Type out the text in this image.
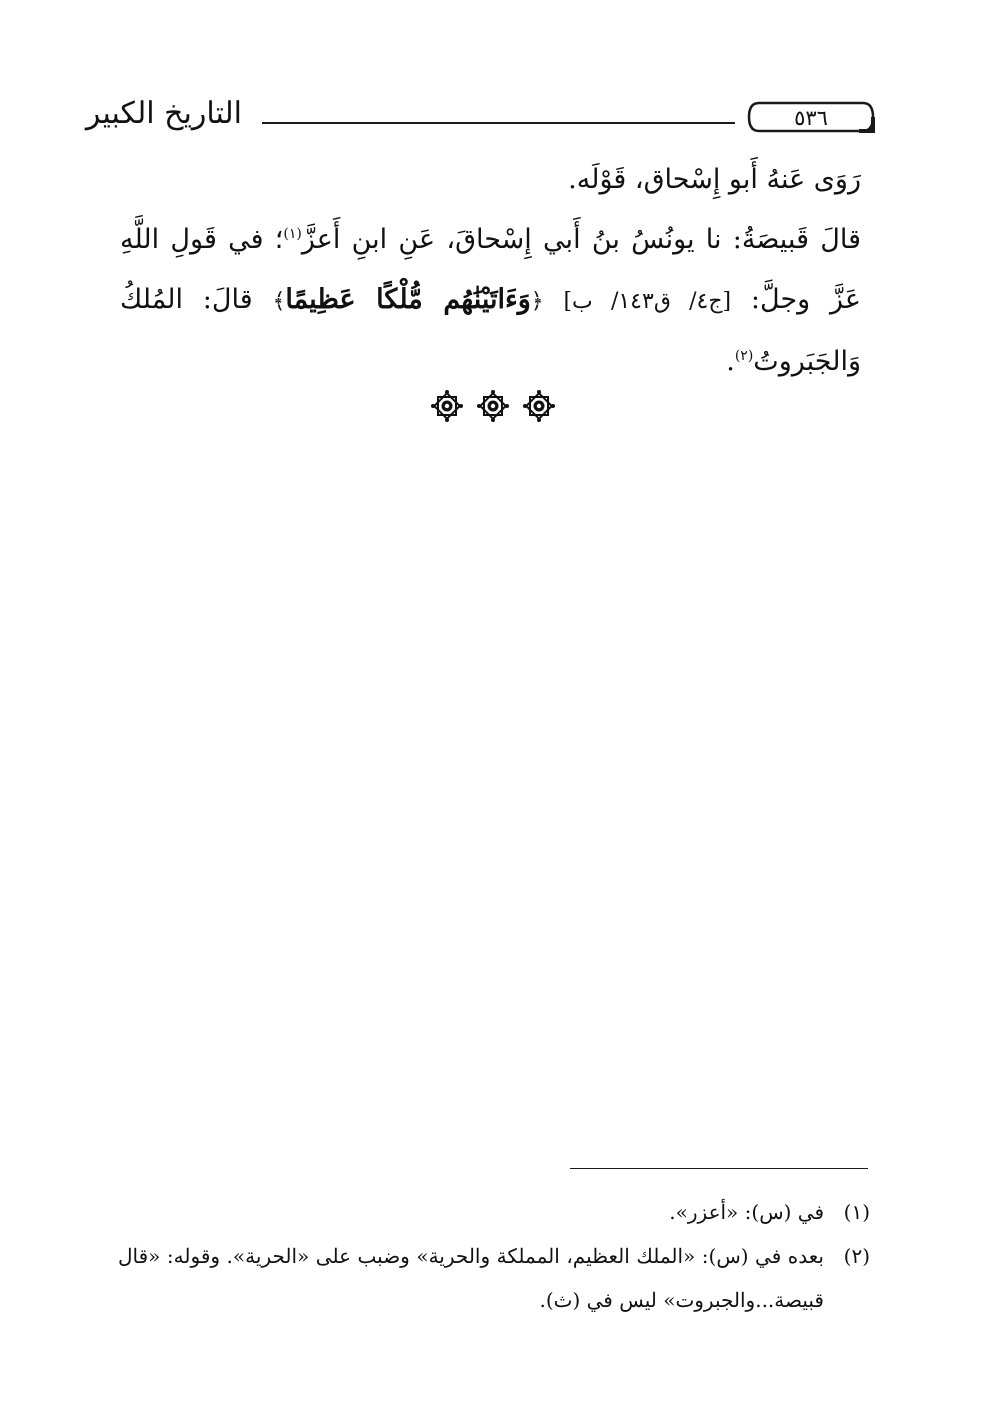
التاريخ الكبير	٥٣٦

رَوَى عَنهُ أَبو إِسْحاق، قَوْلَه.

قالَ قَبيصَةُ: نا يونُسُ بنُ أَبي إِسْحاقَ، عَنِ ابنِ أَعزَّ$^{(١)}$؛ في قَولِ اللَّهِ عَزَّ وجلَّ: [ج٤/ ق١٤٣/ ب] ﴿وَءَاتَيْنَٰهُم مُّلْكًا عَظِيمًا﴾ قالَ: المُلكُ وَالجَبَروتُ$^{(٢)}$.

(١)
في (س): «أعزر».
(٢)
بعده في (س): «الملك العظيم، المملكة والحرية» وضبب على «الحرية». وقوله: «قال قبيصة...والجبروت» ليس في (ث).
